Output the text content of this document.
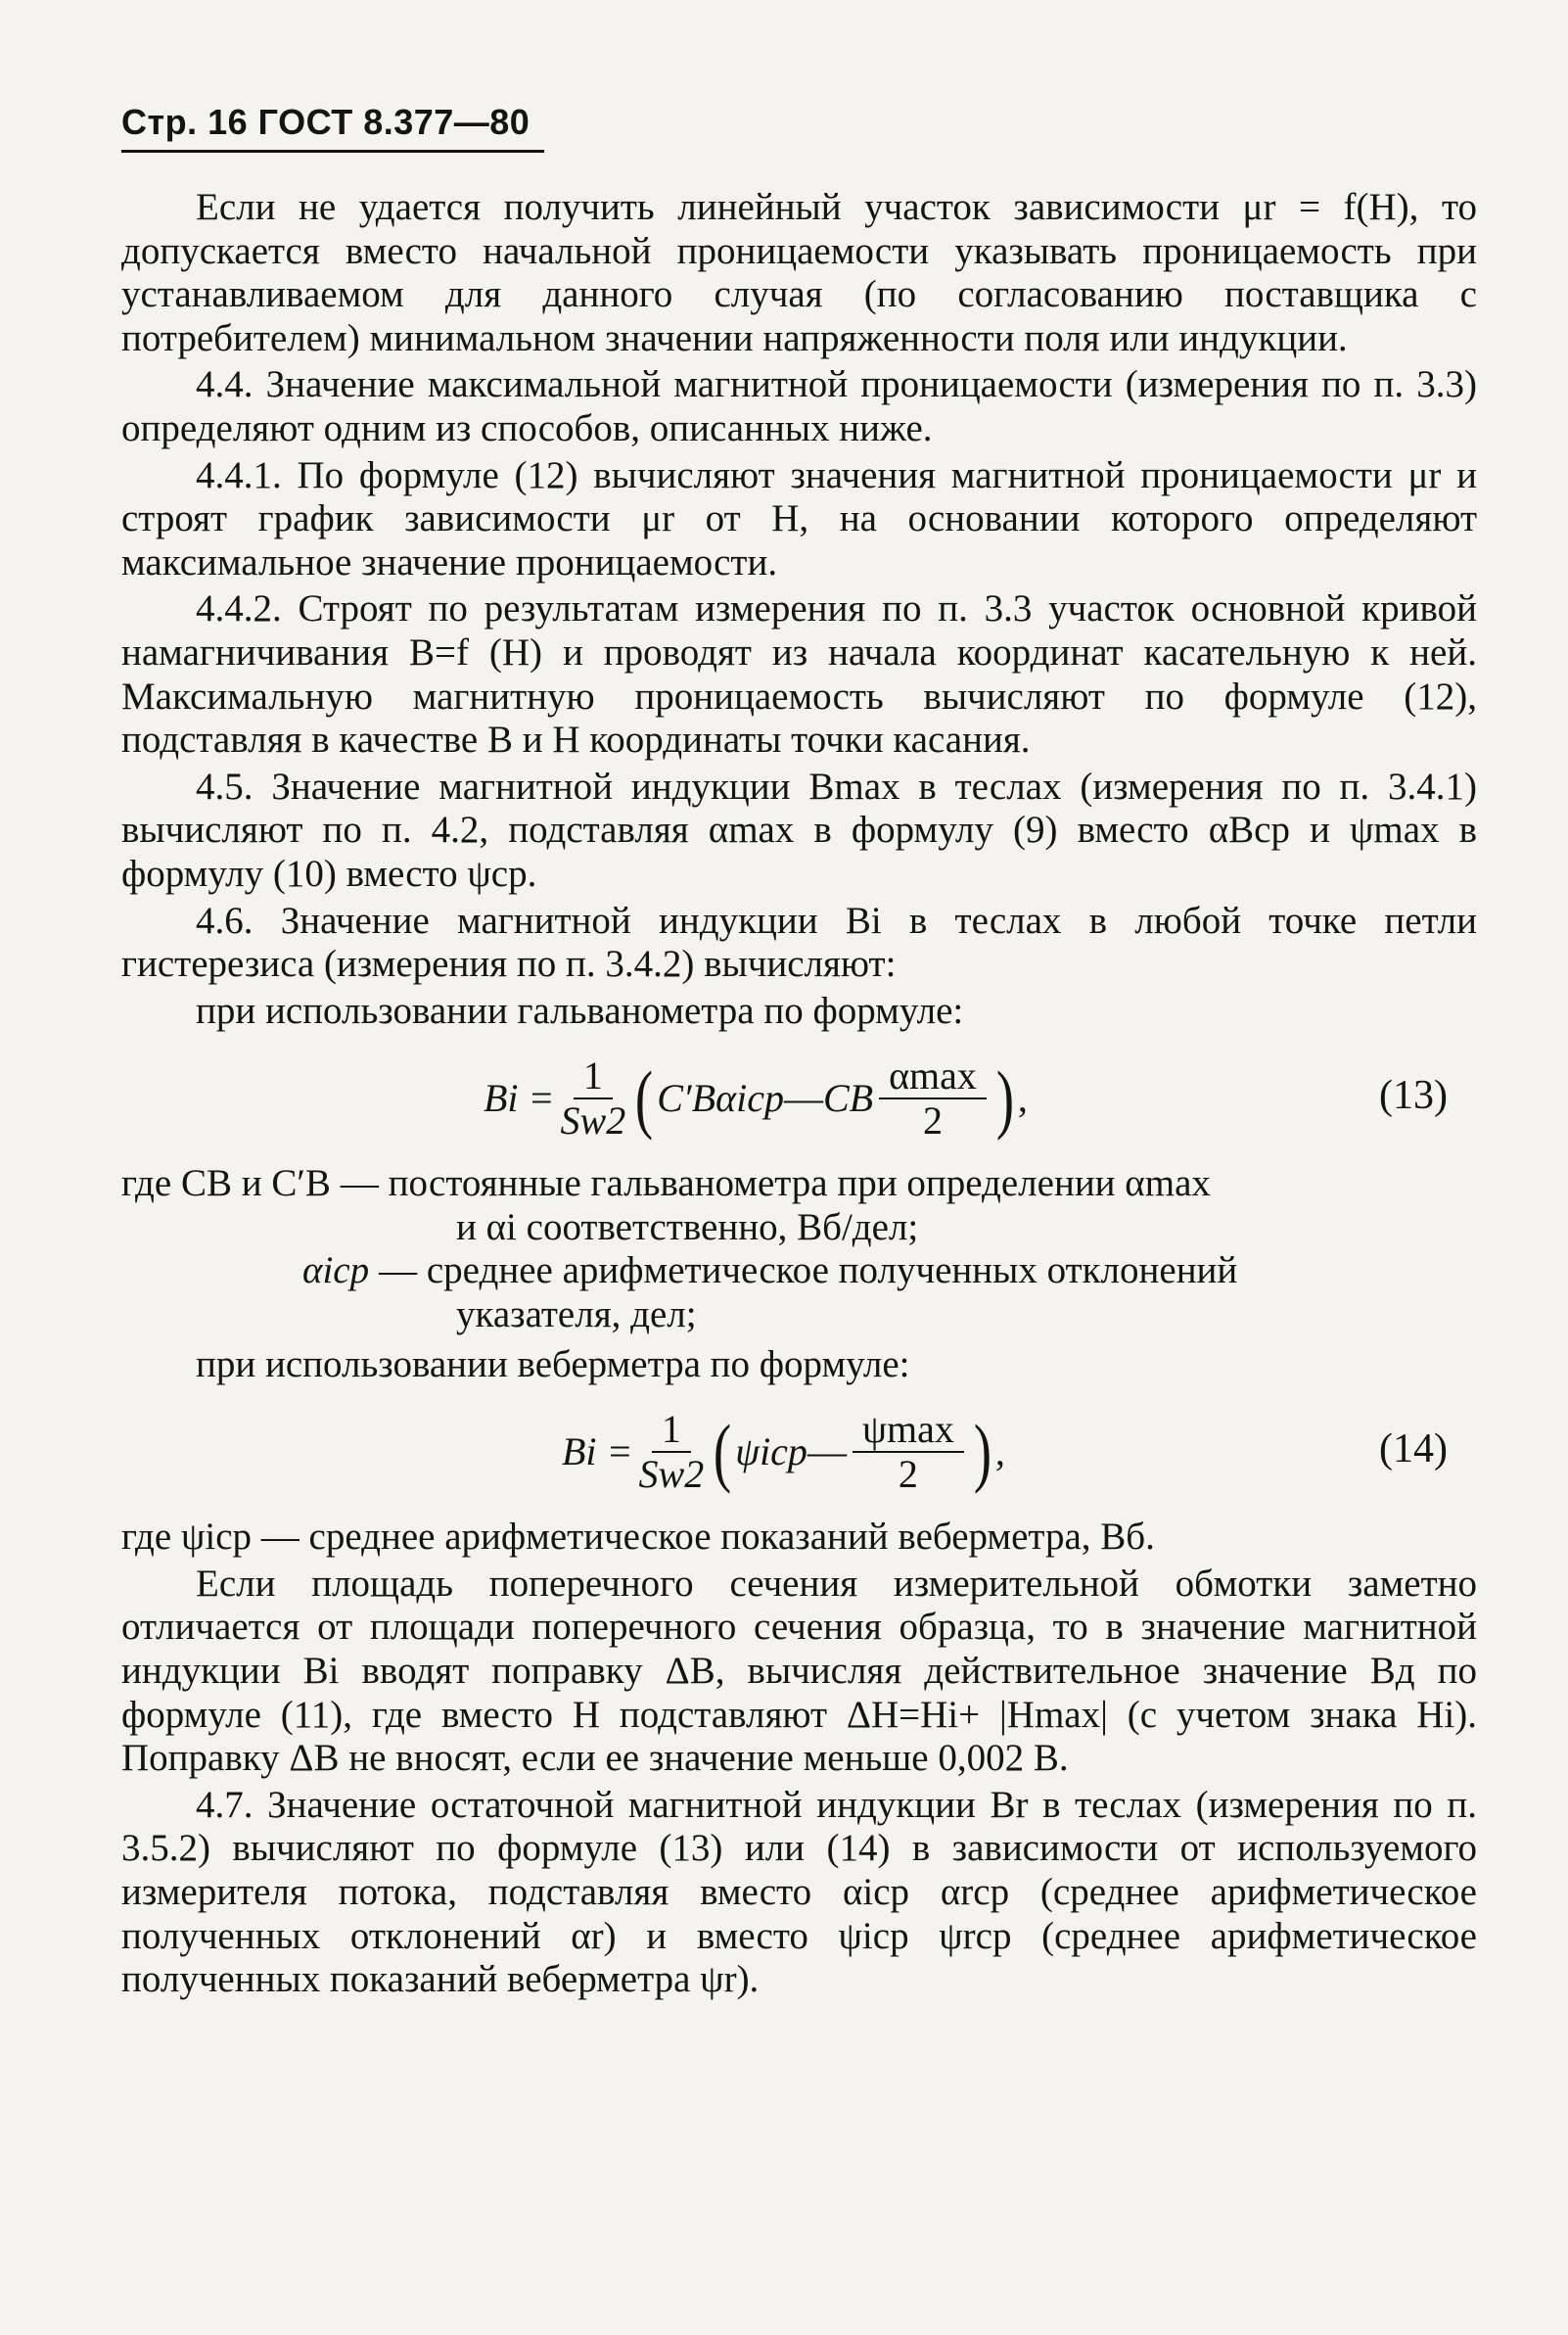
Стр. 16 ГОСТ 8.377—80

Если не удается получить линейный участок зависимости μr = f(H), то допускается вместо начальной проницаемости указывать проницаемость при устанавливаемом для данного случая (по согласованию поставщика с потребителем) минимальном значении напряженности поля или индукции.

4.4. Значение максимальной магнитной проницаемости (измерения по п. 3.3) определяют одним из способов, описанных ниже.

4.4.1. По формуле (12) вычисляют значения магнитной проницаемости μr и строят график зависимости μr от H, на основании которого определяют максимальное значение проницаемости.

4.4.2. Строят по результатам измерения по п. 3.3 участок основной кривой намагничивания B=f (H) и проводят из начала координат касательную к ней. Максимальную магнитную проницаемость вычисляют по формуле (12), подставляя в качестве B и H координаты точки касания.

4.5. Значение магнитной индукции Bmax в теслах (измерения по п. 3.4.1) вычисляют по п. 4.2, подставляя αmax в формулу (9) вместо αBср и ψmax в формулу (10) вместо ψср.

4.6. Значение магнитной индукции Bi в теслах в любой точке петли гистерезиса (измерения по п. 3.4.2) вычисляют:

при использовании гальванометра по формуле:

$Bi = \frac{1}{Sw2}$ ( C′Bαiср — CB $\frac{\alpha\max}{2}$ ) ,	(13)
где CB и C′B — постоянные гальванометра при определении αmax
и αi соответственно, Вб/дел;
αiср — среднее арифметическое полученных отклонений
указателя, дел;

при использовании веберметра по формуле:

$Bi = \frac{1}{Sw2}$ ( ψiср — $\frac{\psi\max}{2}$ ) ,	(14)

где ψiср — среднее арифметическое показаний веберметра, Вб.

Если площадь поперечного сечения измерительной обмотки заметно отличается от площади поперечного сечения образца, то в значение магнитной индукции Bi вводят поправку ΔB, вычисляя действительное значение Bд по формуле (11), где вместо H подставляют ΔH=Hi+ |Hmax| (с учетом знака Hi). Поправку ΔB не вносят, если ее значение меньше 0,002 В.

4.7. Значение остаточной магнитной индукции Br в теслах (измерения по п. 3.5.2) вычисляют по формуле (13) или (14) в зависимости от используемого измерителя потока, подставляя вместо αiср αrср (среднее арифметическое полученных отклонений αr) и вместо ψiср ψrср (среднее арифметическое полученных показаний веберметра ψr).
